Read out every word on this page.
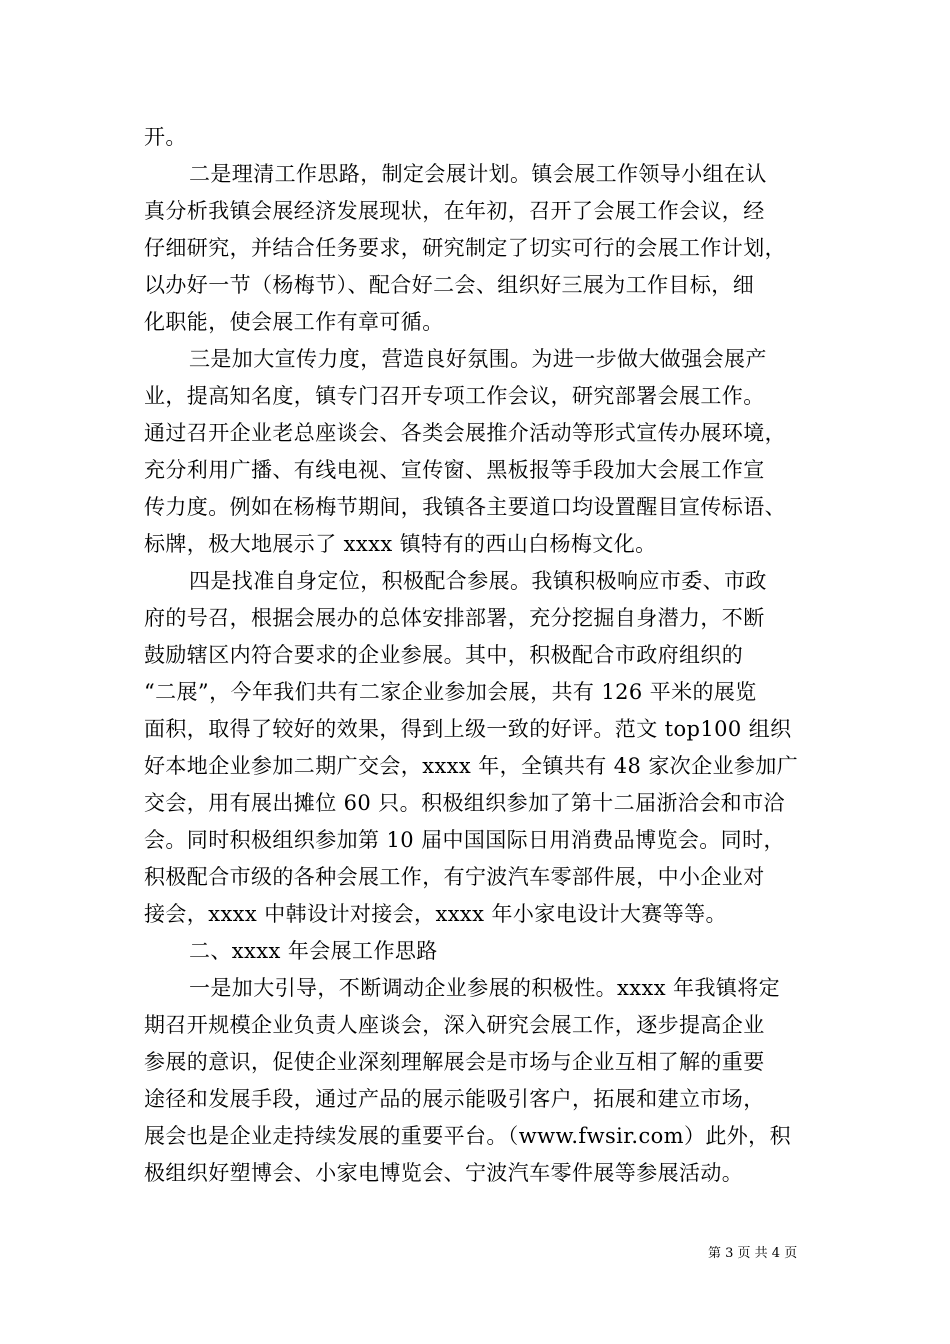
开。
二是理清工作思路，制定会展计划。镇会展工作领导小组在认
真分析我镇会展经济发展现状，在年初，召开了会展工作会议，经
仔细研究，并结合任务要求，研究制定了切实可行的会展工作计划，
以办好一节（杨梅节）、配合好二会、组织好三展为工作目标，细
化职能，使会展工作有章可循。
三是加大宣传力度，营造良好氛围。为进一步做大做强会展产
业，提高知名度，镇专门召开专项工作会议，研究部署会展工作。
通过召开企业老总座谈会、各类会展推介活动等形式宣传办展环境，
充分利用广播、有线电视、宣传窗、黑板报等手段加大会展工作宣
传力度。例如在杨梅节期间，我镇各主要道口均设置醒目宣传标语、
标牌，极大地展示了 xxxx 镇特有的西山白杨梅文化。
四是找准自身定位，积极配合参展。我镇积极响应市委、市政
府的号召，根据会展办的总体安排部署，充分挖掘自身潜力，不断
鼓励辖区内符合要求的企业参展。其中，积极配合市政府组织的
“二展”，今年我们共有二家企业参加会展，共有 126 平米的展览
面积，取得了较好的效果，得到上级一致的好评。范文 top100 组织
好本地企业参加二期广交会，xxxx 年，全镇共有 48 家次企业参加广
交会，用有展出摊位 60 只。积极组织参加了第十二届浙洽会和市洽
会。同时积极组织参加第 10 届中国国际日用消费品博览会。同时，
积极配合市级的各种会展工作，有宁波汽车零部件展，中小企业对
接会，xxxx 中韩设计对接会，xxxx 年小家电设计大赛等等。
二、xxxx 年会展工作思路
一是加大引导，不断调动企业参展的积极性。xxxx 年我镇将定
期召开规模企业负责人座谈会，深入研究会展工作，逐步提高企业
参展的意识，促使企业深刻理解展会是市场与企业互相了解的重要
途径和发展手段，通过产品的展示能吸引客户，拓展和建立市场，
展会也是企业走持续发展的重要平台。（www.fwsir.com）此外，积
极组织好塑博会、小家电博览会、宁波汽车零件展等参展活动。
第 3 页 共 4 页
